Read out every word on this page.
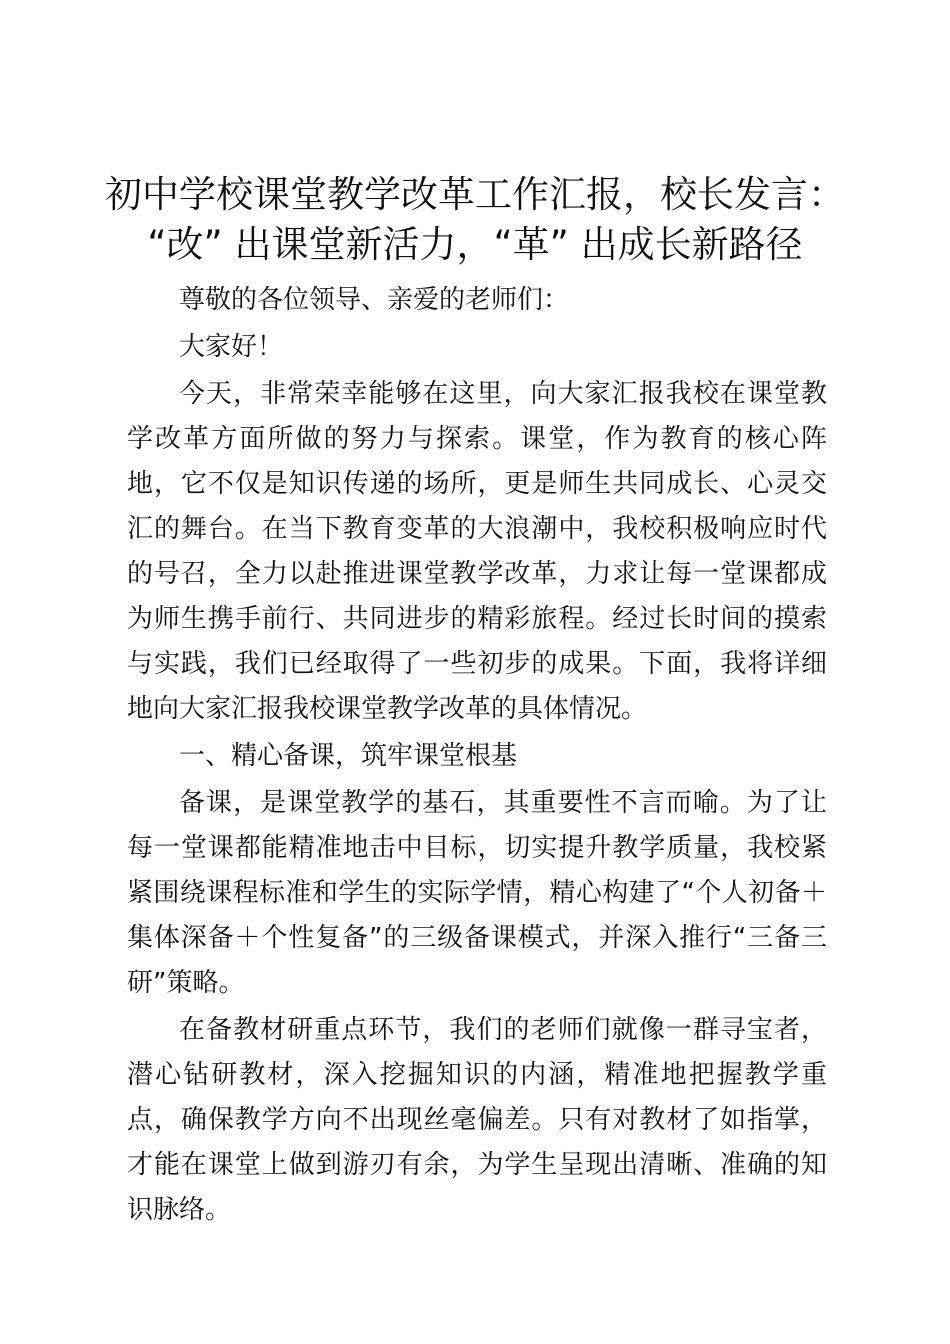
初中学校课堂教学改革工作汇报，校长发言：
“改” 出课堂新活力，“革” 出成长新路径

尊敬的各位领导、亲爱的老师们：

大家好！

今天，非常荣幸能够在这里，向大家汇报我校在课堂教学改革方面所做的努力与探索。课堂，作为教育的核心阵地，它不仅是知识传递的场所，更是师生共同成长、心灵交汇的舞台。在当下教育变革的大浪潮中，我校积极响应时代的号召，全力以赴推进课堂教学改革，力求让每一堂课都成为师生携手前行、共同进步的精彩旅程。经过长时间的摸索与实践，我们已经取得了一些初步的成果。下面，我将详细地向大家汇报我校课堂教学改革的具体情况。

一、精心备课，筑牢课堂根基

备课，是课堂教学的基石，其重要性不言而喻。为了让每一堂课都能精准地击中目标，切实提升教学质量，我校紧紧围绕课程标准和学生的实际学情，精心构建了“个人初备＋集体深备＋个性复备”的三级备课模式，并深入推行“三备三研”策略。

在备教材研重点环节，我们的老师们就像一群寻宝者，潜心钻研教材，深入挖掘知识的内涵，精准地把握教学重点，确保教学方向不出现丝毫偏差。只有对教材了如指掌，才能在课堂上做到游刃有余，为学生呈现出清晰、准确的知识脉络。
